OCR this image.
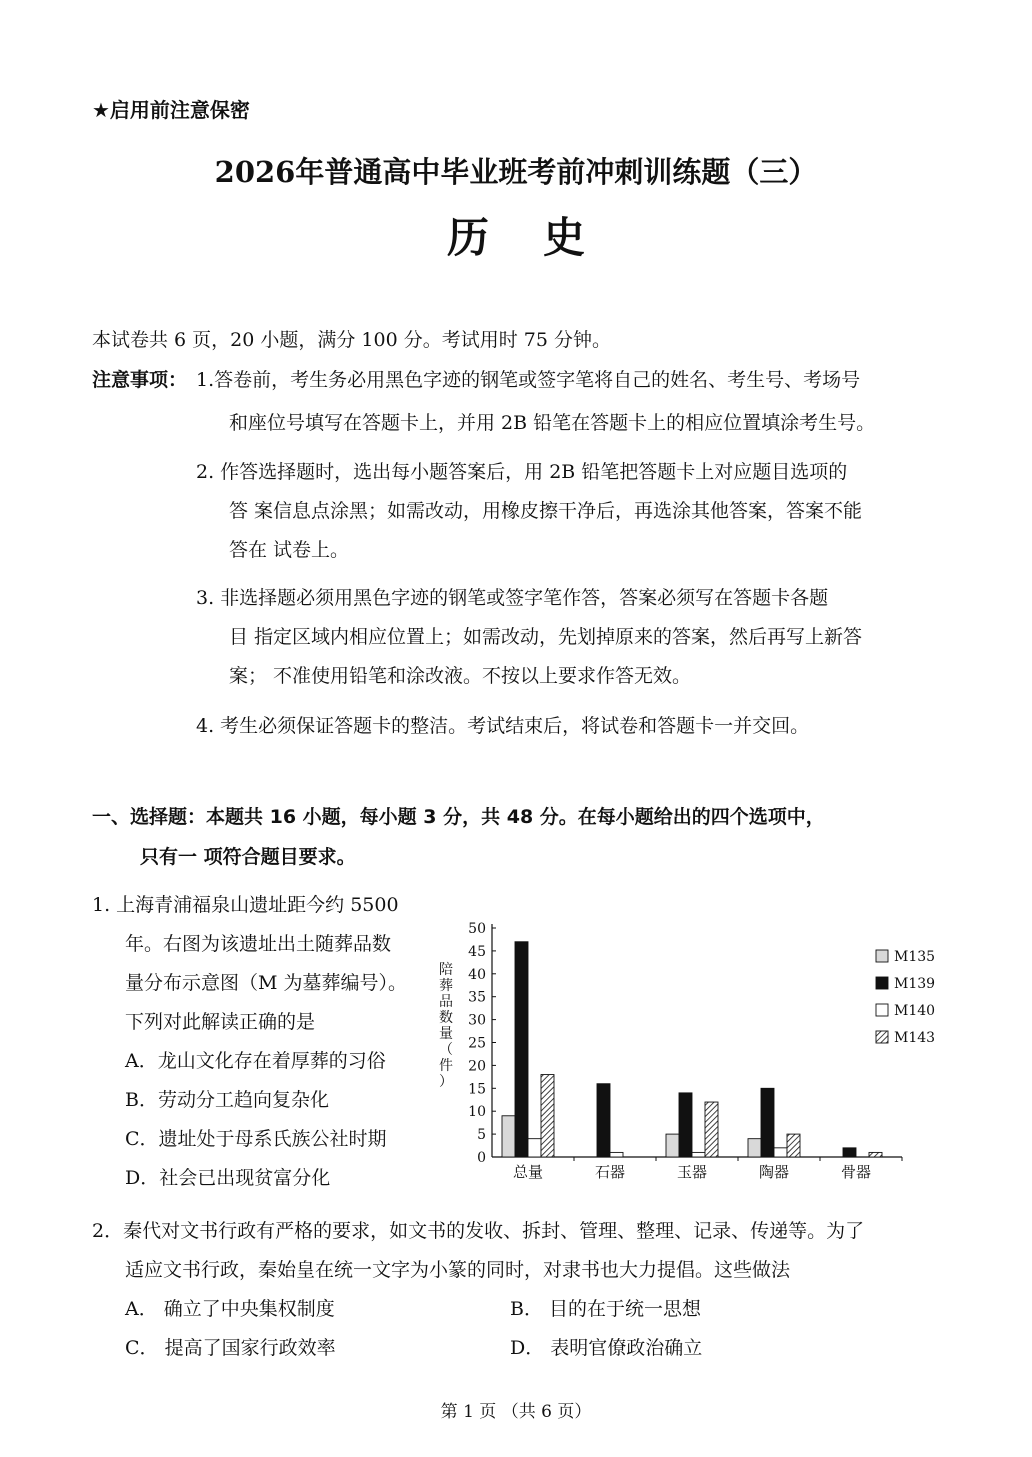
★启用前注意保密
2026年普通高中毕业班考前冲刺训练题（三）
历史
本试卷共 6 页，20 小题，满分 100 分。考试用时 75 分钟。
注意事项： 1.答卷前，考生务必用黑色字迹的钢笔或签字笔将自己的姓名、考生号、考场号
和座位号填写在答题卡上，并用 2B 铅笔在答题卡上的相应位置填涂考生号。
2. 作答选择题时，选出每小题答案后，用 2B 铅笔把答题卡上对应题目选项的
答 案信息点涂黑；如需改动，用橡皮擦干净后，再选涂其他答案，答案不能
答在 试卷上。
3. 非选择题必须用黑色字迹的钢笔或签字笔作答，答案必须写在答题卡各题
目 指定区域内相应位置上；如需改动，先划掉原来的答案，然后再写上新答
案； 不准使用铅笔和涂改液。不按以上要求作答无效。
4. 考生必须保证答题卡的整洁。考试结束后，将试卷和答题卡一并交回。
一、选择题：本题共 16 小题，每小题 3 分，共 48 分。在每小题给出的四个选项中，
只有一 项符合题目要求。
1. 上海青浦福泉山遗址距今约 5500
年。右图为该遗址出土随葬品数
量分布示意图（M 为墓葬编号）。
下列对此解读正确的是
A．龙山文化存在着厚葬的习俗
B．劳动分工趋向复杂化
C．遗址处于母系氏族公社时期
D．社会已出现贫富分化
陪葬品数量（件）
0
5
10
15
20
25
30
35
40
45
50
总量	石器	玉器	陶器	骨器
M135
M139
M140
M143
2．秦代对文书行政有严格的要求，如文书的发收、拆封、管理、整理、记录、传递等。为了
适应文书行政，秦始皇在统一文字为小篆的同时，对隶书也大力提倡。这些做法
A． 确立了中央集权制度	B． 目的在于统一思想
C． 提高了国家行政效率	D． 表明官僚政治确立
第 1 页 （共 6 页）
